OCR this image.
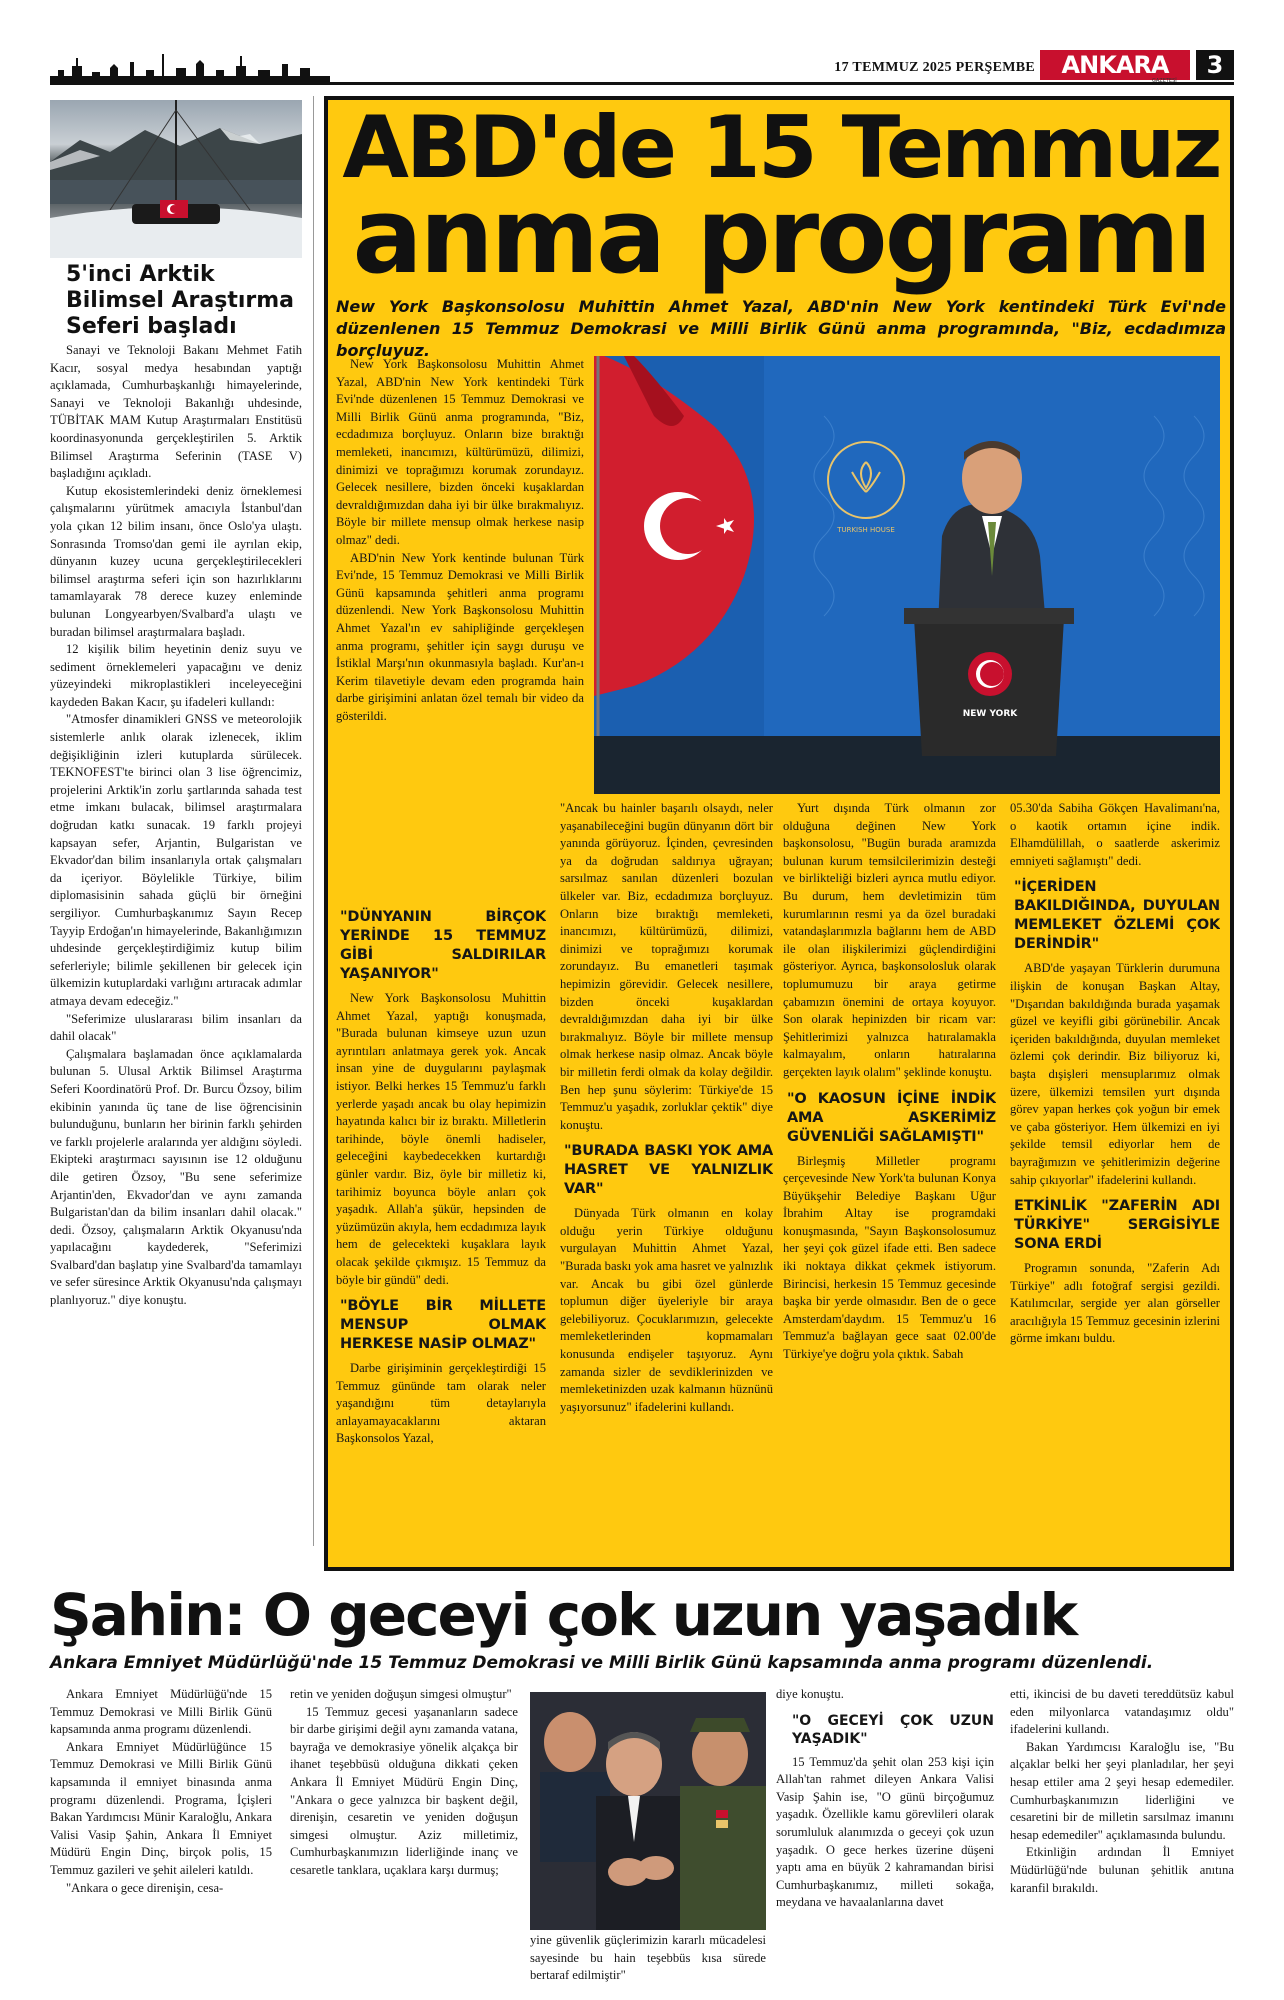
17 TEMMUZ 2025 PERŞEMBE	ANKARA
GAZETESİ
3
5'inci Arktik Bilimsel Araştırma Seferi başladı

Sanayi ve Teknoloji Bakanı Mehmet Fatih Kacır, sosyal medya hesabından yaptığı açıklamada, Cumhurbaşkanlığı himayelerinde, Sanayi ve Teknoloji Bakanlığı uhdesinde, TÜBİTAK MAM Kutup Araştırmaları Enstitüsü koordinasyonunda gerçekleştirilen 5. Arktik Bilimsel Araştırma Seferinin (TASE V) başladığını açıkladı.

Kutup ekosistemlerindeki deniz örneklemesi çalışmalarını yürütmek amacıyla İstanbul'dan yola çıkan 12 bilim insanı, önce Oslo'ya ulaştı. Sonrasında Tromso'dan gemi ile ayrılan ekip, dünyanın kuzey ucuna gerçekleştirilecekleri bilimsel araştırma seferi için son hazırlıklarını tamamlayarak 78 derece kuzey enleminde bulunan Longyearbyen/Svalbard'a ulaştı ve buradan bilimsel araştırmalara başladı.

12 kişilik bilim heyetinin deniz suyu ve sediment örneklemeleri yapacağını ve deniz yüzeyindeki mikroplastikleri inceleyeceğini kaydeden Bakan Kacır, şu ifadeleri kullandı:

"Atmosfer dinamikleri GNSS ve meteorolojik sistemlerle anlık olarak izlenecek, iklim değişikliğinin izleri kutuplarda sürülecek. TEKNOFEST'te birinci olan 3 lise öğrencimiz, projelerini Arktik'in zorlu şartlarında sahada test etme imkanı bulacak, bilimsel araştırmalara doğrudan katkı sunacak. 19 farklı projeyi kapsayan sefer, Arjantin, Bulgaristan ve Ekvador'dan bilim insanlarıyla ortak çalışmaları da içeriyor. Böylelikle Türkiye, bilim diplomasisinin sahada güçlü bir örneğini sergiliyor. Cumhurbaşkanımız Sayın Recep Tayyip Erdoğan'ın himayelerinde, Bakanlığımızın uhdesinde gerçekleştirdiğimiz kutup bilim seferleriyle; bilimle şekillenen bir gelecek için ülkemizin kutuplardaki varlığını artıracak adımlar atmaya devam edeceğiz."

"Seferimize uluslararası bilim insanları da dahil olacak"

Çalışmalara başlamadan önce açıklamalarda bulunan 5. Ulusal Arktik Bilimsel Araştırma Seferi Koordinatörü Prof. Dr. Burcu Özsoy, bilim ekibinin yanında üç tane de lise öğrencisinin bulunduğunu, bunların her birinin farklı şehirden ve farklı projelerle aralarında yer aldığını söyledi. Ekipteki araştırmacı sayısının ise 12 olduğunu dile getiren Özsoy, "Bu sene seferimize Arjantin'den, Ekvador'dan ve aynı zamanda Bulgaristan'dan da bilim insanları dahil olacak." dedi. Özsoy, çalışmaların Arktik Okyanusu'nda yapılacağını kaydederek, "Seferimizi Svalbard'dan başlatıp yine Svalbard'da tamamlayı ve sefer süresince Arktik Okyanusu'nda çalışmayı planlıyoruz." diye konuştu.

ABD'de 15 Temmuz
anma programı
New York Başkonsolosu Muhittin Ahmet Yazal, ABD'nin New York kentindeki Türk Evi'nde düzenlenen 15 Temmuz Demokrasi ve Milli Birlik Günü anma programında, "Biz, ecdadımıza borçluyuz.
TURKISH HOUSE
NEW YORK

New York Başkonsolosu Muhittin Ahmet Yazal, ABD'nin New York kentindeki Türk Evi'nde düzenlenen 15 Temmuz Demokrasi ve Milli Birlik Günü anma programında, "Biz, ecdadımıza borçluyuz. Onların bize bıraktığı memleketi, inancımızı, kültürümüzü, dilimizi, dinimizi ve toprağımızı korumak zorundayız. Gelecek nesillere, bizden önceki kuşaklardan devraldığımızdan daha iyi bir ülke bırakmalıyız. Böyle bir millete mensup olmak herkese nasip olmaz" dedi.

ABD'nin New York kentinde bulunan Türk Evi'nde, 15 Temmuz Demokrasi ve Milli Birlik Günü kapsamında şehitleri anma programı düzenlendi. New York Başkonsolosu Muhittin Ahmet Yazal'ın ev sahipliğinde gerçekleşen anma programı, şehitler için saygı duruşu ve İstiklal Marşı'nın okunmasıyla başladı. Kur'an-ı Kerim tilavetiyle devam eden programda hain darbe girişimini anlatan özel temalı bir video da gösterildi.

"DÜNYANIN BİRÇOK YERİNDE 15 TEMMUZ GİBİ SALDIRILAR YAŞANIYOR"

New York Başkonsolosu Muhittin Ahmet Yazal, yaptığı konuşmada, "Burada bulunan kimseye uzun uzun ayrıntıları anlatmaya gerek yok. Ancak insan yine de duygularını paylaşmak istiyor. Belki herkes 15 Temmuz'u farklı yerlerde yaşadı ancak bu olay hepimizin hayatında kalıcı bir iz bıraktı. Milletlerin tarihinde, böyle önemli hadiseler, geleceğini kaybedecekken kurtardığı günler vardır. Biz, öyle bir milletiz ki, tarihimiz boyunca böyle anları çok yaşadık. Allah'a şükür, hepsinden de yüzümüzün akıyla, hem ecdadımıza layık hem de gelecekteki kuşaklara layık olacak şekilde çıkmışız. 15 Temmuz da böyle bir gündü" dedi.

"BÖYLE BİR MİLLETE MENSUP OLMAK HERKESE NASİP OLMAZ"

Darbe girişiminin gerçekleştirdiği 15 Temmuz gününde tam olarak neler yaşandığını tüm detaylarıyla anlayamayacaklarını aktaran Başkonsolos Yazal,

"Ancak bu hainler başarılı olsaydı, neler yaşanabileceğini bugün dünyanın dört bir yanında görüyoruz. İçinden, çevresinden ya da doğrudan saldırıya uğrayan; sarsılmaz sanılan düzenleri bozulan ülkeler var. Biz, ecdadımıza borçluyuz. Onların bize bıraktığı memleketi, inancımızı, kültürümüzü, dilimizi, dinimizi ve toprağımızı korumak zorundayız. Bu emanetleri taşımak hepimizin görevidir. Gelecek nesillere, bizden önceki kuşaklardan devraldığımızdan daha iyi bir ülke bırakmalıyız. Böyle bir millete mensup olmak herkese nasip olmaz. Ancak böyle bir milletin ferdi olmak da kolay değildir. Ben hep şunu söylerim: Türkiye'de 15 Temmuz'u yaşadık, zorluklar çektik" diye konuştu.

"BURADA BASKI YOK AMA HASRET VE YALNIZLIK VAR"

Dünyada Türk olmanın en kolay olduğu yerin Türkiye olduğunu vurgulayan Muhittin Ahmet Yazal, "Burada baskı yok ama hasret ve yalnızlık var. Ancak bu gibi özel günlerde toplumun diğer üyeleriyle bir araya gelebiliyoruz. Çocuklarımızın, gelecekte memleketlerinden kopmamaları konusunda endişeler taşıyoruz. Aynı zamanda sizler de sevdiklerinizden ve memleketinizden uzak kalmanın hüznünü yaşıyorsunuz" ifadelerini kullandı.

Yurt dışında Türk olmanın zor olduğuna değinen New York başkonsolosu, "Bugün burada aramızda bulunan kurum temsilcilerimizin desteği ve birlikteliği bizleri ayrıca mutlu ediyor. Bu durum, hem devletimizin tüm kurumlarının resmi ya da özel buradaki vatandaşlarımızla bağlarını hem de ABD ile olan ilişkilerimizi güçlendirdiğini gösteriyor. Ayrıca, başkonsolosluk olarak toplumumuzu bir araya getirme çabamızın önemini de ortaya koyuyor. Son olarak hepinizden bir ricam var: Şehitlerimizi yalnızca hatıralamakla kalmayalım, onların hatıralarına gerçekten layık olalım" şeklinde konuştu.

"O KAOSUN İÇİNE İNDİK AMA ASKERİMİZ GÜVENLİĞİ SAĞLAMIŞTI"

Birleşmiş Milletler programı çerçevesinde New York'ta bulunan Konya Büyükşehir Belediye Başkanı Uğur İbrahim Altay ise programdaki konuşmasında, "Sayın Başkonsolosumuz her şeyi çok güzel ifade etti. Ben sadece iki noktaya dikkat çekmek istiyorum. Birincisi, herkesin 15 Temmuz gecesinde başka bir yerde olmasıdır. Ben de o gece Amsterdam'daydım. 15 Temmuz'u 16 Temmuz'a bağlayan gece saat 02.00'de Türkiye'ye doğru yola çıktık. Sabah

05.30'da Sabiha Gökçen Havalimanı'na, o kaotik ortamın içine indik. Elhamdülillah, o saatlerde askerimiz emniyeti sağlamıştı" dedi.

"İÇERİDEN BAKILDIĞINDA, DUYULAN MEMLEKET ÖZLEMİ ÇOK DERİNDİR"

ABD'de yaşayan Türklerin durumuna ilişkin de konuşan Başkan Altay, "Dışarıdan bakıldığında burada yaşamak güzel ve keyifli gibi görünebilir. Ancak içeriden bakıldığında, duyulan memleket özlemi çok derindir. Biz biliyoruz ki, başta dışişleri mensuplarımız olmak üzere, ülkemizi temsilen yurt dışında görev yapan herkes çok yoğun bir emek ve çaba gösteriyor. Hem ülkemizi en iyi şekilde temsil ediyorlar hem de bayrağımızın ve şehitlerimizin değerine sahip çıkıyorlar" ifadelerini kullandı.

ETKİNLİK "ZAFERİN ADI TÜRKİYE" SERGİSİYLE SONA ERDİ

Programın sonunda, "Zaferin Adı Türkiye" adlı fotoğraf sergisi gezildi. Katılımcılar, sergide yer alan görseller aracılığıyla 15 Temmuz gecesinin izlerini görme imkanı buldu.

Şahin: O geceyi çok uzun yaşadık
Ankara Emniyet Müdürlüğü'nde 15 Temmuz Demokrasi ve Milli Birlik Günü kapsamında anma programı düzenlendi.

Ankara Emniyet Müdürlüğü'nde 15 Temmuz Demokrasi ve Milli Birlik Günü kapsamında anma programı düzenlendi.

Ankara Emniyet Müdürlüğünce 15 Temmuz Demokrasi ve Milli Birlik Günü kapsamında il emniyet binasında anma programı düzenlendi. Programa, İçişleri Bakan Yardımcısı Münir Karaloğlu, Ankara Valisi Vasip Şahin, Ankara İl Emniyet Müdürü Engin Dinç, birçok polis, 15 Temmuz gazileri ve şehit aileleri katıldı.

"Ankara o gece direnişin, cesa-

retin ve yeniden doğuşun simgesi olmuştur"

15 Temmuz gecesi yaşananların sadece bir darbe girişimi değil aynı zamanda vatana, bayrağa ve demokrasiye yönelik alçakça bir ihanet teşebbüsü olduğuna dikkati çeken Ankara İl Emniyet Müdürü Engin Dinç, "Ankara o gece yalnızca bir başkent değil, direnişin, cesaretin ve yeniden doğuşun simgesi olmuştur. Aziz milletimiz, Cumhurbaşkanımızın liderliğinde inanç ve cesaretle tanklara, uçaklara karşı durmuş;

yine güvenlik güçlerimizin kararlı mücadelesi sayesinde bu hain teşebbüs kısa sürede bertaraf edilmiştir"

diye konuştu.

"O GECEYİ ÇOK UZUN YAŞADIK"

15 Temmuz'da şehit olan 253 kişi için Allah'tan rahmet dileyen Ankara Valisi Vasip Şahin ise, "O günü birçoğumuz yaşadık. Özellikle kamu görevlileri olarak sorumluluk alanımızda o geceyi çok uzun yaşadık. O gece herkes üzerine düşeni yaptı ama en büyük 2 kahramandan birisi Cumhurbaşkanımız, milleti sokağa, meydana ve havaalanlarına davet

etti, ikincisi de bu daveti tereddütsüz kabul eden milyonlarca vatandaşımız oldu" ifadelerini kullandı.

Bakan Yardımcısı Karaloğlu ise, "Bu alçaklar belki her şeyi planladılar, her şeyi hesap ettiler ama 2 şeyi hesap edemediler. Cumhurbaşkanımızın liderliğini ve cesaretini bir de milletin sarsılmaz imanını hesap edemediler" açıklamasında bulundu.

Etkinliğin ardından İl Emniyet Müdürlüğü'nde bulunan şehitlik anıtına karanfil bırakıldı.
